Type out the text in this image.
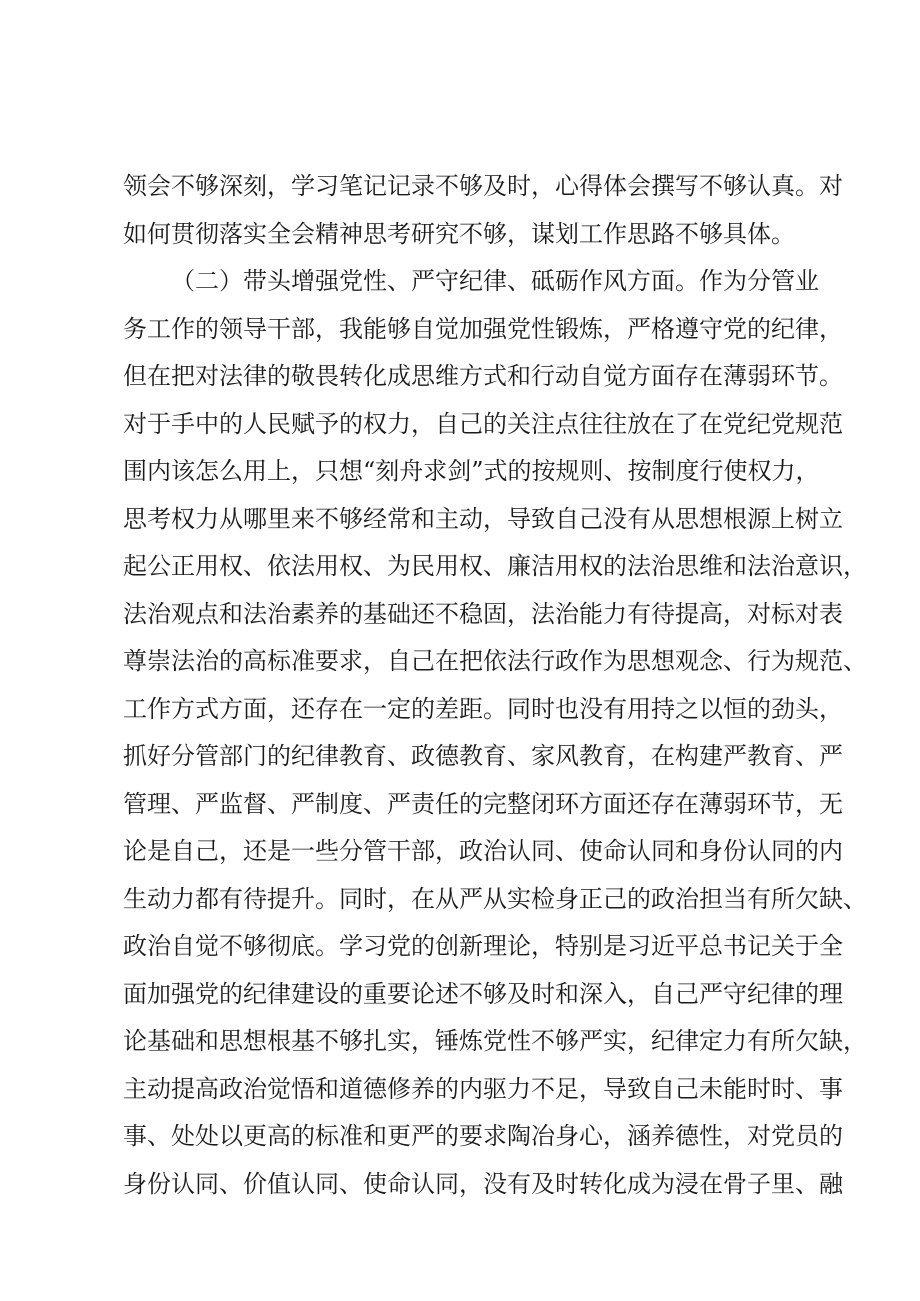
领会不够深刻，学习笔记记录不够及时，心得体会撰写不够认真。对
如何贯彻落实全会精神思考研究不够，谋划工作思路不够具体。
（二）带头增强党性、严守纪律、砥砺作风方面。作为分管业
务工作的领导干部，我能够自觉加强党性锻炼，严格遵守党的纪律，
但在把对法律的敬畏转化成思维方式和行动自觉方面存在薄弱环节。
对于手中的人民赋予的权力，自己的关注点往往放在了在党纪党规范
围内该怎么用上，只想“刻舟求剑”式的按规则、按制度行使权力，
思考权力从哪里来不够经常和主动，导致自己没有从思想根源上树立
起公正用权、依法用权、为民用权、廉洁用权的法治思维和法治意识，
法治观点和法治素养的基础还不稳固，法治能力有待提高，对标对表
尊崇法治的高标准要求，自己在把依法行政作为思想观念、行为规范、
工作方式方面，还存在一定的差距。同时也没有用持之以恒的劲头，
抓好分管部门的纪律教育、政德教育、家风教育，在构建严教育、严
管理、严监督、严制度、严责任的完整闭环方面还存在薄弱环节，无
论是自己，还是一些分管干部，政治认同、使命认同和身份认同的内
生动力都有待提升。同时，在从严从实检身正己的政治担当有所欠缺、
政治自觉不够彻底。学习党的创新理论，特别是习近平总书记关于全
面加强党的纪律建设的重要论述不够及时和深入，自己严守纪律的理
论基础和思想根基不够扎实，锤炼党性不够严实，纪律定力有所欠缺，
主动提高政治觉悟和道德修养的内驱力不足，导致自己未能时时、事
事、处处以更高的标准和更严的要求陶冶身心，涵养德性，对党员的
身份认同、价值认同、使命认同，没有及时转化成为浸在骨子里、融
